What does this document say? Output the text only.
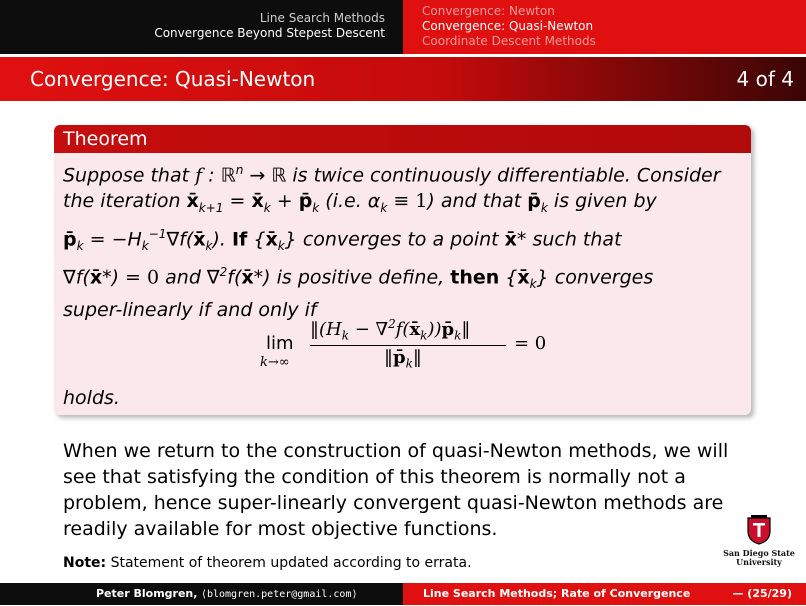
Line Search Methods
Convergence Beyond Stepest Descent
Convergence: Newton
Convergence: Quasi-Newton
Coordinate Descent Methods
Convergence: Quasi-Newton	4 of 4
Theorem

Suppose that f : ℝ$^n$ → ℝ is twice continuously differentiable. Consider

the iteration $x̄_{k+1}$ = $x̄_k$ + $p̄_k$ (i.e. $\alpha_k \equiv 1$) and that $p̄_k$ is given by

$p̄_k$ = $-H_k^{-1}\nabla f(x̄_k)$. If $\{x̄_k\}$ converges to a point x̄* such that

∇f(x̄*) = 0 and ∇$^2$f(x̄*) is positive define, then $\{x̄_k\}$ converges

super-linearly if and only if

lim
k→∞
$‖(H_k$ − $\nabla^2f(x̄_k))p̄_k‖$
$‖p̄_k‖$
= 0
holds.

When we return to the construction of quasi-Newton methods, we will

see that satisfying the condition of this theorem is normally not a

problem, hence super-linearly convergent quasi-Newton methods are

readily available for most objective functions.

Note: Statement of theorem updated according to errata.
San Diego State
University
Peter Blomgren, ⟨blomgren.peter@gmail.com⟩	Line Search Methods; Rate of Convergence	— (25/29)
